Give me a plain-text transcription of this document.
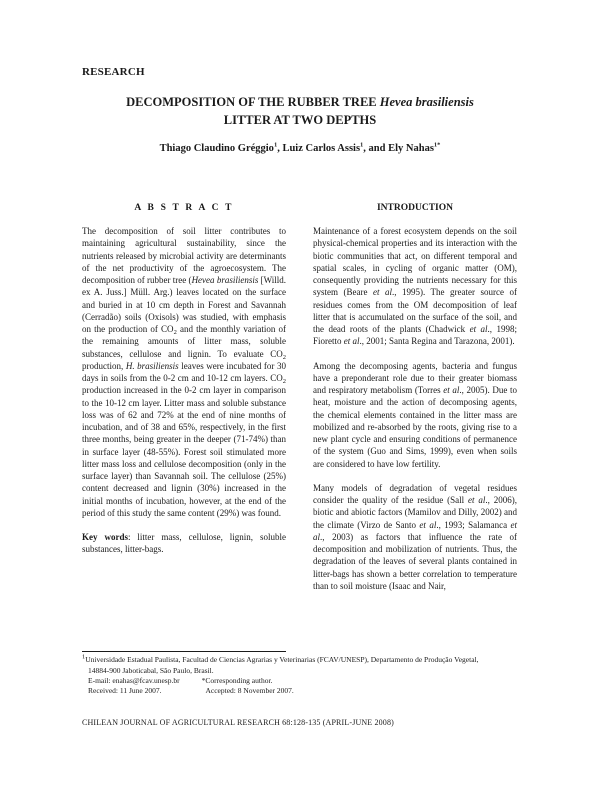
RESEARCH
DECOMPOSITION OF THE RUBBER TREE Hevea brasiliensis
LITTER AT TWO DEPTHS
Thiago Claudino Gréggio$^1$, Luiz Carlos Assis$^1$, and Ely Nahas$^{1*}$
A B S T R A C T	INTRODUCTION

The decomposition of soil litter contributes to maintaining agricultural sustainability, since the nutrients released by microbial activity are determinants of the net productivity of the agroecosystem. The decomposition of rubber tree (Hevea brasiliensis [Willd. ex A. Juss.] Müll. Arg.) leaves located on the surface and buried in at 10 cm depth in Forest and Savannah (Cerradão) soils (Oxisols) was studied, with emphasis on the production of $CO_2$ and the monthly variation of the remaining amounts of litter mass, soluble substances, cellulose and lignin. To evaluate $CO_2$ production, H. brasiliensis leaves were incubated for 30 days in soils from the 0-2 cm and 10-12 cm layers. $CO_2$ production increased in the 0-2 cm layer in comparison to the 10-12 cm layer. Litter mass and soluble substance loss was of 62 and 72% at the end of nine months of incubation, and of 38 and 65%, respectively, in the first three months, being greater in the deeper (71-74%) than in surface layer (48-55%). Forest soil stimulated more litter mass loss and cellulose decomposition (only in the surface layer) than Savannah soil. The cellulose (25%) content decreased and lignin (30%) increased in the initial months of incubation, however, at the end of the period of this study the same content (29%) was found.

Key words: litter mass, cellulose, lignin, soluble substances, litter-bags.

Maintenance of a forest ecosystem depends on the soil physical-chemical properties and its interaction with the biotic communities that act, on different temporal and spatial scales, in cycling of organic matter (OM), consequently providing the nutrients necessary for this system (Beare et al., 1995). The greater source of residues comes from the OM decomposition of leaf litter that is accumulated on the surface of the soil, and the dead roots of the plants (Chadwick et al., 1998; Fioretto et al., 2001; Santa Regina and Tarazona, 2001).

Among the decomposing agents, bacteria and fungus have a preponderant role due to their greater biomass and respiratory metabolism (Torres et al., 2005). Due to heat, moisture and the action of decomposing agents, the chemical elements contained in the litter mass are mobilized and re-absorbed by the roots, giving rise to a new plant cycle and ensuring conditions of permanence of the system (Guo and Sims, 1999), even when soils are considered to have low fertility.

Many models of degradation of vegetal residues consider the quality of the residue (Sall et al., 2006), biotic and abiotic factors (Mamilov and Dilly, 2002) and the climate (Virzo de Santo et al., 1993; Salamanca et al., 2003) as factors that influence the rate of decomposition and mobilization of nutrients. Thus, the degradation of the leaves of several plants contained in litter-bags has shown a better correlation to temperature than to soil moisture (Isaac and Nair,

$^1$Universidade Estadual Paulista, Facultad de Ciencias Agrarias y Veterinarias (FCAV/UNESP), Departamento de Produção Vegetal,
14884-900 Jaboticabal, São Paulo, Brasil.
E-mail: enahas@fcav.unesp.br	*Corresponding author.
Received: 11 June 2007.	Accepted: 8 November 2007.
CHILEAN JOURNAL OF AGRICULTURAL RESEARCH 68:128-135 (APRIL-JUNE 2008)
